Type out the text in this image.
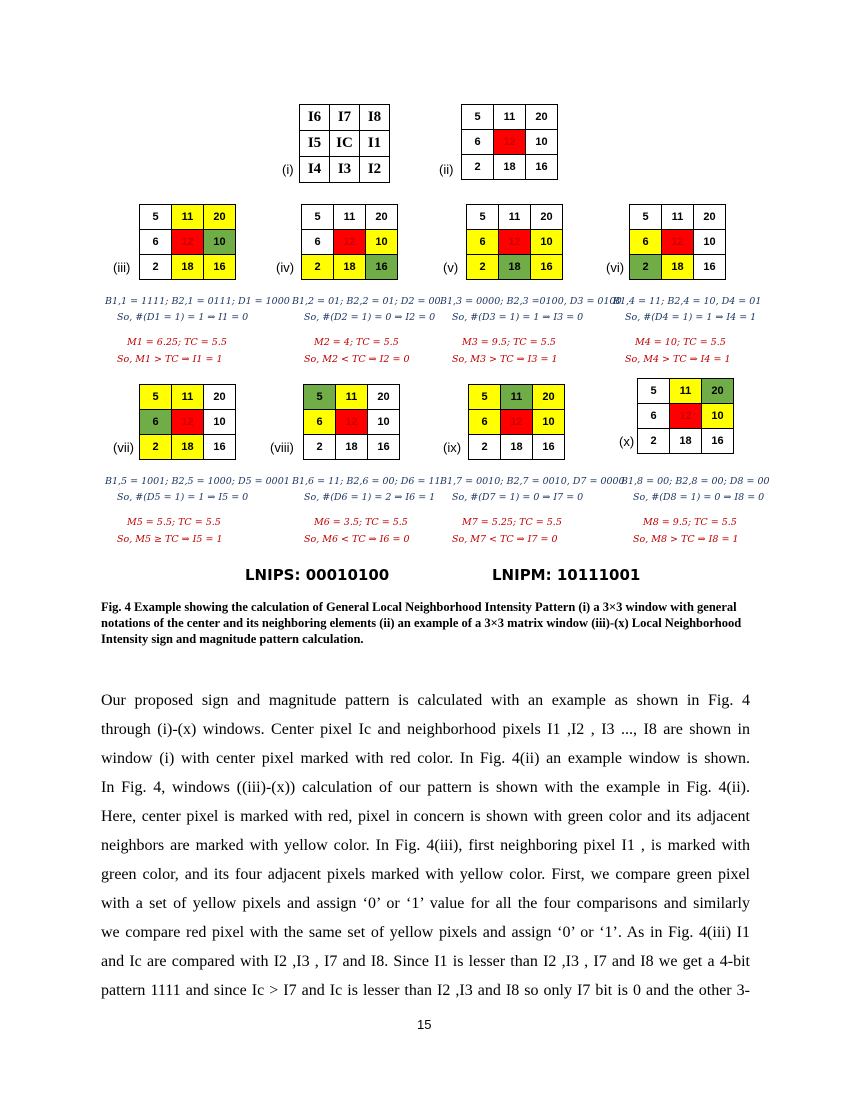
(i)
I6	I7	I8
I5	IC	I1
I4	I3	I2	(ii)
5	11	20
6	12	10
2	18	16
(iii)
5	11	20
6	12	10
2	18	16
B1,1 = 1111; B2,1 = 0111; D1 = 1000
So, #(D1 = 1) = 1 ⇒ I1 = 0
M1 = 6.25; TC = 5.5
So, M1 > TC ⇒ I1 = 1
(iv)
5	11	20
6	12	10
2	18	16
B1,2 = 01; B2,2 = 01; D2 = 00
So, #(D2 = 1) = 0 ⇒ I2 = 0
M2 = 4; TC = 5.5
So, M2 < TC ⇒ I2 = 0
(v)
5	11	20
6	12	10
2	18	16
B1,3 = 0000; B2,3 =0100, D3 = 0100
So, #(D3 = 1) = 1 ⇒ I3 = 0
M3 = 9.5; TC = 5.5
So, M3 > TC ⇒ I3 = 1
(vi)
5	11	20
6	12	10
2	18	16
B1,4 = 11; B2,4 = 10, D4 = 01
So, #(D4 = 1) = 1 ⇒ I4 = 1
M4 = 10; TC = 5.5
So, M4 > TC ⇒ I4 = 1
(vii)
5	11	20
6	12	10
2	18	16
B1,5 = 1001; B2,5 = 1000; D5 = 0001
So, #(D5 = 1) = 1 ⇒ I5 = 0
M5 = 5.5; TC = 5.5
So, M5 ≥ TC ⇒ I5 = 1
(viii)
5	11	20
6	12	10
2	18	16
B1,6 = 11; B2,6 = 00; D6 = 11
So, #(D6 = 1) = 2 ⇒ I6 = 1
M6 = 3.5; TC = 5.5
So, M6 < TC ⇒ I6 = 0
(ix)
5	11	20
6	12	10
2	18	16
B1,7 = 0010; B2,7 = 0010, D7 = 0000
So, #(D7 = 1) = 0 ⇒ I7 = 0
M7 = 5.25; TC = 5.5
So, M7 < TC ⇒ I7 = 0
(x)
5	11	20
6	12	10
2	18	16
B1,8 = 00; B2,8 = 00; D8 = 00
So, #(D8 = 1) = 0 ⇒ I8 = 0
M8 = 9.5; TC = 5.5
So, M8 > TC ⇒ I8 = 1
LNIPS: 00010100	LNIPM: 10111001
Fig. 4 Example showing the calculation of General Local Neighborhood Intensity Pattern (i) a 3×3 window with general notations of the center and its neighboring elements (ii) an example of a 3×3 matrix window (iii)-(x) Local Neighborhood Intensity sign and magnitude pattern calculation.
Our proposed sign and magnitude pattern is calculated with an example as shown in Fig. 4
through (i)-(x) windows. Center pixel Ic and neighborhood pixels I1 ,I2 , I3 ..., I8 are shown in
window (i) with center pixel marked with red color. In Fig. 4(ii) an example window is shown.
In Fig. 4, windows ((iii)-(x)) calculation of our pattern is shown with the example in Fig. 4(ii).
Here, center pixel is marked with red, pixel in concern is shown with green color and its adjacent
neighbors are marked with yellow color. In Fig. 4(iii), first neighboring pixel I1 , is marked with
green color, and its four adjacent pixels marked with yellow color. First, we compare green pixel
with a set of yellow pixels and assign ‘0’ or ‘1’ value for all the four comparisons and similarly
we compare red pixel with the same set of yellow pixels and assign ‘0’ or ‘1’. As in Fig. 4(iii) I1
and Ic are compared with I2 ,I3 , I7 and I8. Since I1 is lesser than I2 ,I3 , I7 and I8 we get a 4-bit
pattern 1111 and since Ic > I7 and Ic is lesser than I2 ,I3 and I8 so only I7 bit is 0 and the other 3-
15
